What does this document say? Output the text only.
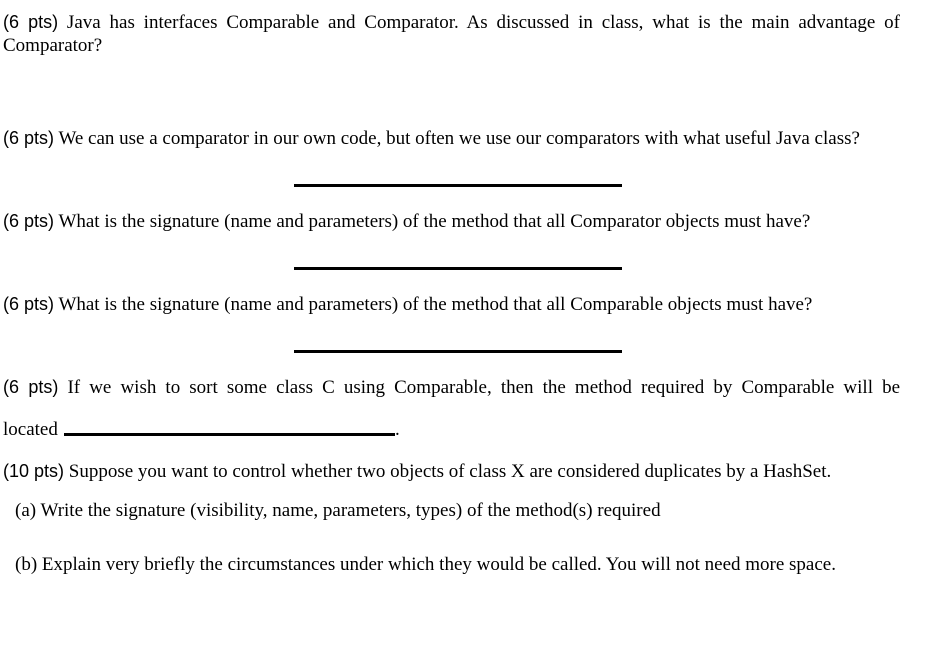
(6 pts) Java has interfaces Comparable and Comparator. As discussed in class, what is the main advantage of
Comparator?
(6 pts) We can use a comparator in our own code, but often we use our comparators with what useful Java class?
(6 pts) What is the signature (name and parameters) of the method that all Comparator objects must have?
(6 pts) What is the signature (name and parameters) of the method that all Comparable objects must have?
(6 pts) If we wish to sort some class C using Comparable, then the method required by Comparable will be
located	.
(10 pts) Suppose you want to control whether two objects of class X are considered duplicates by a HashSet.
(a) Write the signature (visibility, name, parameters, types) of the method(s) required
(b) Explain very briefly the circumstances under which they would be called. You will not need more space.
